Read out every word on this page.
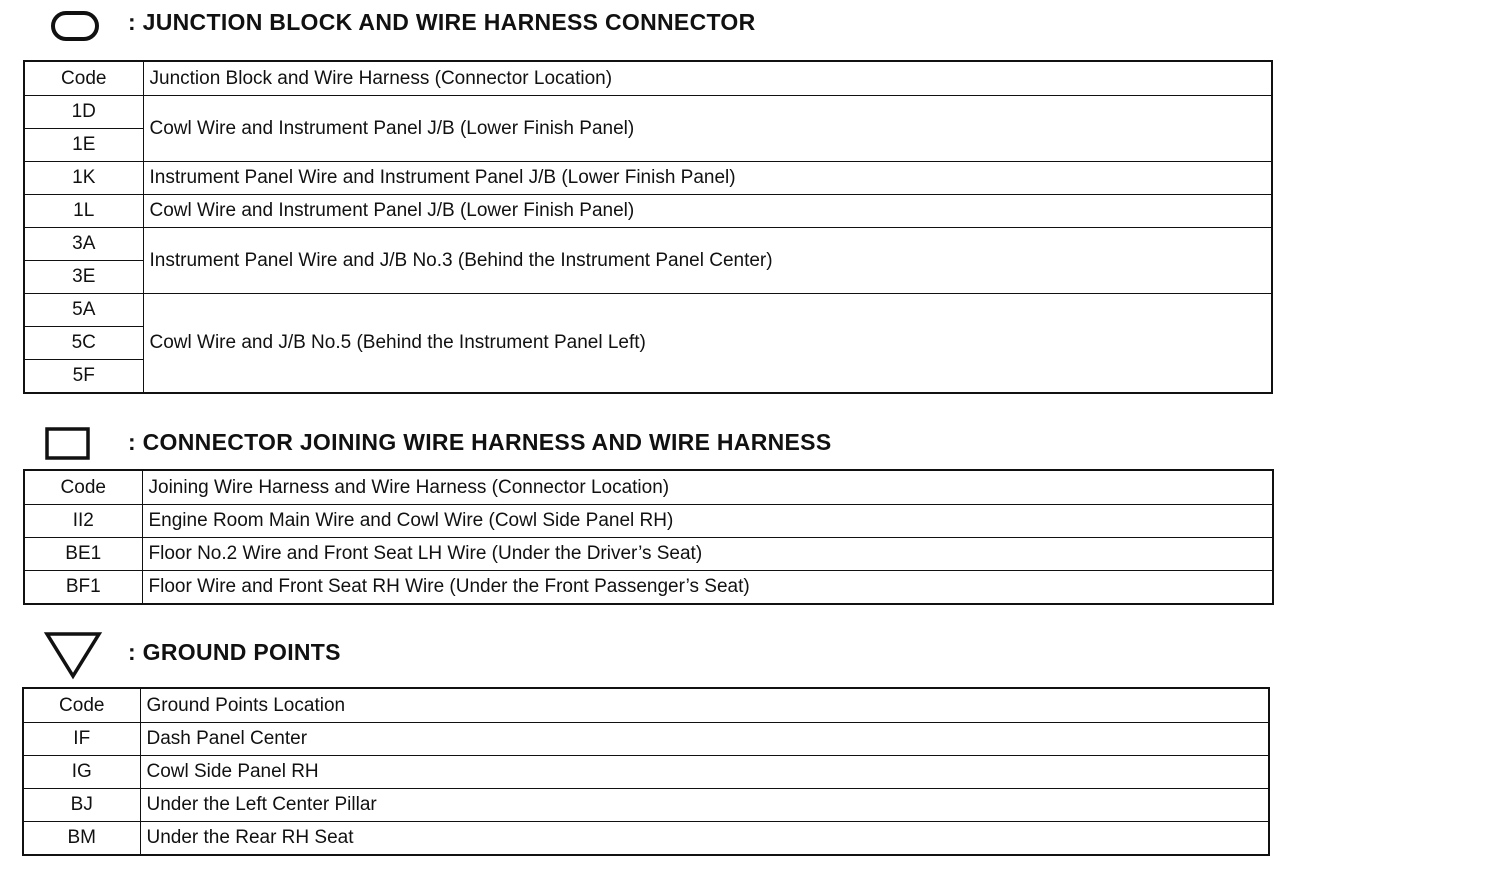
: JUNCTION BLOCK AND WIRE HARNESS CONNECTOR
Code	Junction Block and Wire Harness (Connector Location)
1D	Cowl Wire and Instrument Panel J/B (Lower Finish Panel)
1E	
1K	Instrument Panel Wire and Instrument Panel J/B (Lower Finish Panel)
1L	Cowl Wire and Instrument Panel J/B (Lower Finish Panel)
3A	Instrument Panel Wire and J/B No.3 (Behind the Instrument Panel Center)
3E	
5A	Cowl Wire and J/B No.5 (Behind the Instrument Panel Left)
5C	
5F	
: CONNECTOR JOINING WIRE HARNESS AND WIRE HARNESS
Code	Joining Wire Harness and Wire Harness (Connector Location)
II2	Engine Room Main Wire and Cowl Wire (Cowl Side Panel RH)
BE1	Floor No.2 Wire and Front Seat LH Wire (Under the Driver’s Seat)
BF1	Floor Wire and Front Seat RH Wire (Under the Front Passenger’s Seat)
: GROUND POINTS
Code	Ground Points Location
IF	Dash Panel Center
IG	Cowl Side Panel RH
BJ	Under the Left Center Pillar
BM	Under the Rear RH Seat
